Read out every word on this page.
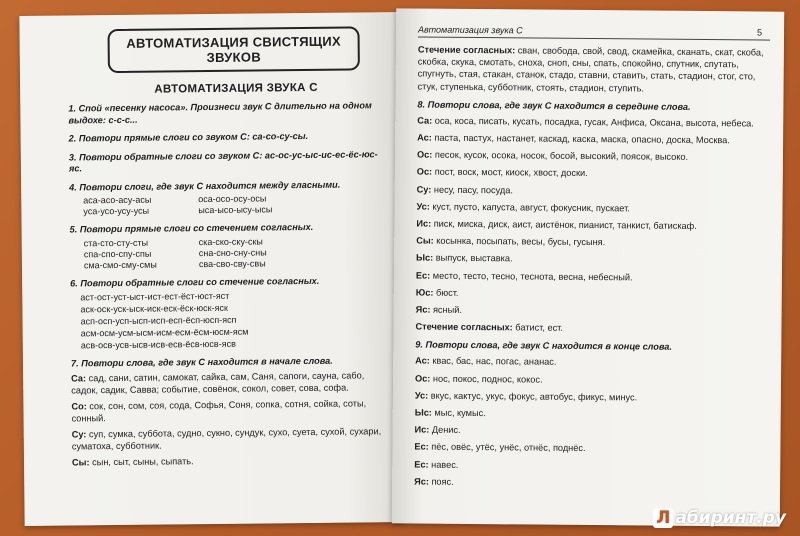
АВТОМАТИЗАЦИЯ СВИСТЯЩИХ ЗВУКОВ
АВТОМАТИЗАЦИЯ ЗВУКА С
1. Спой «песенку насоса». Произнеси звук С длительно на одном выдохе: с-с-с...
2. Повтори прямые слоги со звуком С: са-со-су-сы.
3. Повтори обратные слоги со звуком С: ас-ос-ус-ыс-ис-ес-ёс-юс-яс.
4. Повтори слоги, где звук С находится между гласными.
аса-асо-асу-асы	оса-осо-осу-осы
уса-усо-усу-усы	ыса-ысо-ысу-ысы
5. Повтори прямые слоги со стечением согласных.
ста-сто-сту-сты	ска-ско-ску-скы
спа-спо-спу-спы	сна-сно-сну-сны
сма-смо-сму-смы	сва-сво-сву-свы
6. Повтори обратные слоги со стечение согласных.
аст-ост-уст-ыст-ист-ест-ёст-юст-яст
аск-оск-уск-ыск-иск-еск-ёск-юск-яск
асп-осп-усп-ысп-исп-есп-ёсп-юсп-ясп
асм-осм-усм-ысм-исм-есм-ёсм-юсм-ясм
асв-осв-усв-ысв-исв-есв-ёсв-юсв-ясв
7. Повтори слова, где звук С находится в начале слова.
Са: сад, сани, сатин, самокат, сайка, сам, Саня, сапоги, сауна, сабо, садок, садик, Савва; событие, совёнок, сокол, совет, сова, софа.
Со: сок, сон, сом, соя, сода, Софья, Соня, сопка, сотня, сойка, соты, сонный.
Су: суп, сумка, суббота, судно, сукно, сундук, сухо, суета, сухой, сухари, суматоха, субботник.
Сы: сын, сыт, сыны, сыпать.
Автоматизация звука С	5
Стечение согласных: сван, свобода, свой, свод, скамейка, сканать, скат, скоба, скобка, скука, смотать, сноха, сноп, сны, спать, спокойно, спутник, спутать, спугнуть, стая, стакан, станок, стадо, ставни, ставить, стать, стадион, стог, сто, стук, ступенька, субботник, стоять, стадион, ступить.
8. Повтори слова, где звук С находится в середине слова.
Са: оса, коса, писать, кусать, посадка, гусак, Анфиса, Оксана, высота, небеса.
Ас: паста, пастух, настанет, каскад, каска, маска, опасно, доска, Москва.
Ос: песок, кусок, осока, носок, босой, высокий, поясок, высоко.
Ос: пост, воск, мост, киоск, хвост, доски.
Су: несу, пасу, посуда.
Ус: куст, пусто, капуста, август, фокусник, пускает.
Ис: писк, миска, диск, аист, аистёнок, пианист, танкист, батискаф.
Сы: косынка, посыпать, весы, бусы, гусыня.
Ыс: выпуск, выставка.
Ес: место, тесто, тесно, теснота, весна, небесный.
Юс: бюст.
Яс: ясный.
Стечение согласных: батист, ест.
9. Повтори слова, где звук С находится в конце слова.
Ас: квас, бас, нас, погас, ананас.
Ос: нос, покос, поднос, кокос.
Ус: вкус, кактус, укус, фокус, автобус, фикус, минус.
Ыс: мыс, кумыс.
Ис: Денис.
Ес: пёс, овёс, утёс, унёс, отнёс, поднёс.
Ес: навес.
Яс: пояс.
Л абиринт.ру
